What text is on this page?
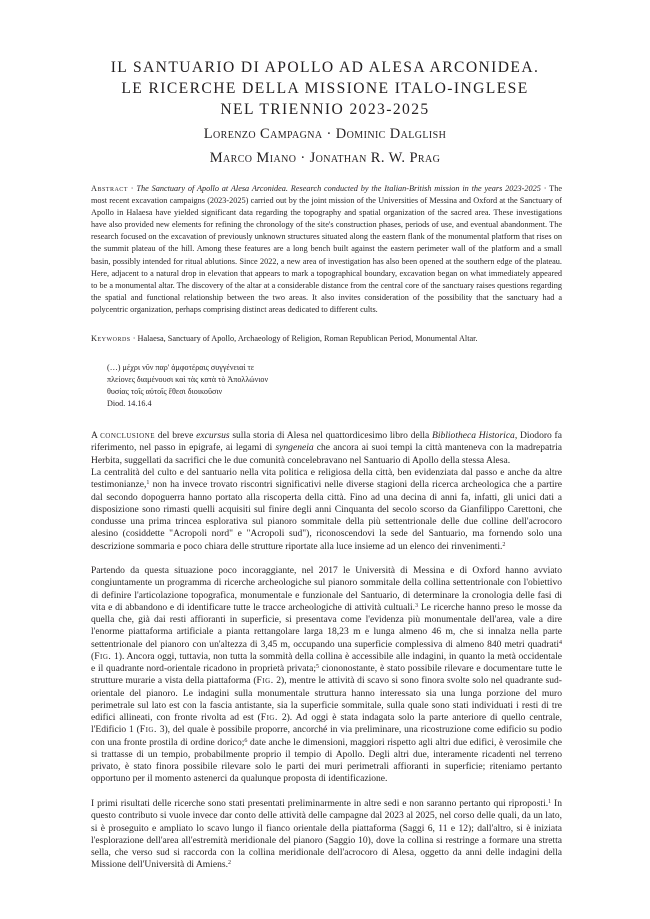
IL SANTUARIO DI APOLLO AD ALESA ARCONIDEA.
LE RICERCHE DELLA MISSIONE ITALO-INGLESE
NEL TRIENNIO 2023-2025
Lorenzo Campagna · Dominic Dalglish
Marco Miano · Jonathan R. W. Prag

Abstract · The Sanctuary of Apollo at Alesa Arconidea. Research conducted by the Italian-British mission in the years 2023-2025 · The most recent excavation campaigns (2023-2025) carried out by the joint mission of the Universities of Messina and Oxford at the Sanctuary of Apollo in Halaesa have yielded significant data regarding the topography and spatial organization of the sacred area. These investigations have also provided new elements for refining the chronology of the site's construction phases, periods of use, and eventual abandonment. The research focused on the excavation of previously unknown structures situated along the eastern flank of the monumental platform that rises on the summit plateau of the hill. Among these features are a long bench built against the eastern perimeter wall of the platform and a small basin, possibly intended for ritual ablutions. Since 2022, a new area of investigation has also been opened at the southern edge of the plateau. Here, adjacent to a natural drop in elevation that appears to mark a topographical boundary, excavation began on what immediately appeared to be a monumental altar. The discovery of the altar at a considerable distance from the central core of the sanctuary raises questions regarding the spatial and functional relationship between the two areas. It also invites consideration of the possibility that the sanctuary had a polycentric organization, perhaps comprising distinct areas dedicated to different cults.

Keywords · Halaesa, Sanctuary of Apollo, Archaeology of Religion, Roman Republican Period, Monumental Altar.

(…) μέχρι νῦν παρ' ἀμφοτέραις συγγένειαί τε
πλείονες διαμένουσι καὶ τὰς κατὰ τὸ Ἀπολλώνιον
θυσίας τοῖς αὐτοῖς ἔθεσι διοικοῦσιν
Diod. 14.16.4

A conclusione del breve excursus sulla storia di Alesa nel quattordicesimo libro della Bibliotheca Historica, Diodoro fa riferimento, nel passo in epigrafe, ai legami di syngeneia che ancora ai suoi tempi la città manteneva con la madrepatria Herbita, suggellati da sacrifici che le due comunità concelebravano nel Santuario di Apollo della stessa Alesa.

La centralità del culto e del santuario nella vita politica e religiosa della città, ben evidenziata dal passo e anche da altre testimonianze,$^1$ non ha invece trovato riscontri significativi nelle diverse stagioni della ricerca archeologica che a partire dal secondo dopoguerra hanno portato alla riscoperta della città. Fino ad una decina di anni fa, infatti, gli unici dati a disposizione sono rimasti quelli acquisiti sul finire degli anni Cinquanta del secolo scorso da Gianfilippo Carettoni, che condusse una prima trincea esplorativa sul pianoro sommitale della più settentrionale delle due colline dell'acrocoro alesino (cosiddette "Acropoli nord" e "Acropoli sud"), riconoscendovi la sede del Santuario, ma fornendo solo una descrizione sommaria e poco chiara delle strutture riportate alla luce insieme ad un elenco dei rinvenimenti.$^2$

Partendo da questa situazione poco incoraggiante, nel 2017 le Università di Messina e di Oxford hanno avviato congiuntamente un programma di ricerche archeologiche sul pianoro sommitale della collina settentrionale con l'obiettivo di definire l'articolazione topografica, monumentale e funzionale del Santuario, di determinare la cronologia delle fasi di vita e di abbandono e di identificare tutte le tracce archeologiche di attività cultuali.$^3$ Le ricerche hanno preso le mosse da quella che, già dai resti affioranti in superficie, si presentava come l'evidenza più monumentale dell'area, vale a dire l'enorme piattaforma artificiale a pianta rettangolare larga 18,23 m e lunga almeno 46 m, che si innalza nella parte settentrionale del pianoro con un'altezza di 3,45 m, occupando una superficie complessiva di almeno 840 metri quadrati$^4$ (Fig. 1). Ancora oggi, tuttavia, non tutta la sommità della collina è accessibile alle indagini, in quanto la metà occidentale e il quadrante nord-orientale ricadono in proprietà privata;$^5$ ciononostante, è stato possibile rilevare e documentare tutte le strutture murarie a vista della piattaforma (Fig. 2), mentre le attività di scavo si sono finora svolte solo nel quadrante sud-orientale del pianoro. Le indagini sulla monumentale struttura hanno interessato sia una lunga porzione del muro perimetrale sul lato est con la fascia antistante, sia la superficie sommitale, sulla quale sono stati individuati i resti di tre edifici allineati, con fronte rivolta ad est (Fig. 2). Ad oggi è stata indagata solo la parte anteriore di quello centrale, l'Edificio 1 (Fig. 3), del quale è possibile proporre, ancorché in via preliminare, una ricostruzione come edificio su podio con una fronte prostila di ordine dorico;$^6$ date anche le dimensioni, maggiori rispetto agli altri due edifici, è verosimile che si trattasse di un tempio, probabilmente proprio il tempio di Apollo. Degli altri due, interamente ricadenti nel terreno privato, è stato finora possibile rilevare solo le parti dei muri perimetrali affioranti in superficie; riteniamo pertanto opportuno per il momento astenerci da qualunque proposta di identificazione.

I primi risultati delle ricerche sono stati presentati preliminarmente in altre sedi e non saranno pertanto qui riproposti.$^1$ In questo contributo si vuole invece dar conto delle attività delle campagne dal 2023 al 2025, nel corso delle quali, da un lato, si è proseguito e ampliato lo scavo lungo il fianco orientale della piattaforma (Saggi 6, 11 e 12); dall'altro, si è iniziata l'esplorazione dell'area all'estremità meridionale del pianoro (Saggio 10), dove la collina si restringe a formare una stretta sella, che verso sud si raccorda con la collina meridionale dell'acrocoro di Alesa, oggetto da anni delle indagini della Missione dell'Università di Amiens.$^2$
